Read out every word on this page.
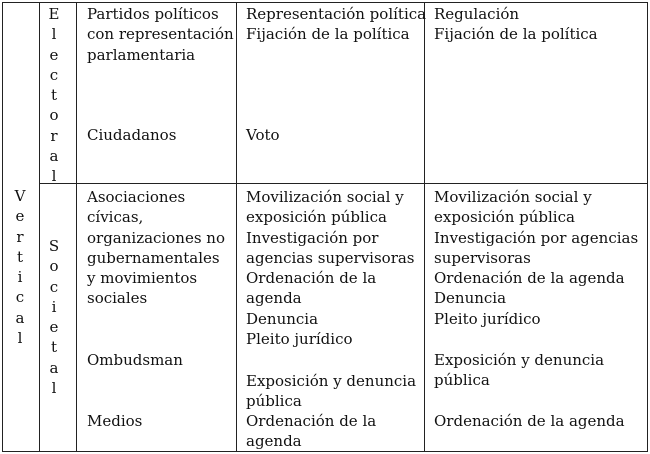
V
e
r
t
i
c
a
l
E
l
e
c
t
o
r
a
l
S
o
c
i
e
t
a
l
Partidos políticos
con representación
parlamentaria
Ciudadanos
Representación política
Fijación de la política
Voto
Regulación
Fijación de la política
Asociaciones
cívicas,
organizaciones no
gubernamentales
y movimientos
sociales
Ombudsman
Medios
Movilización social y
exposición pública
Investigación por
agencias supervisoras
Ordenación de la
agenda
Denuncia
Pleito jurídico
Exposición y denuncia
pública
Ordenación de la
agenda
Movilización social y
exposición pública
Investigación por agencias
supervisoras
Ordenación de la agenda
Denuncia
Pleito jurídico
Exposición y denuncia
pública
Ordenación de la agenda
